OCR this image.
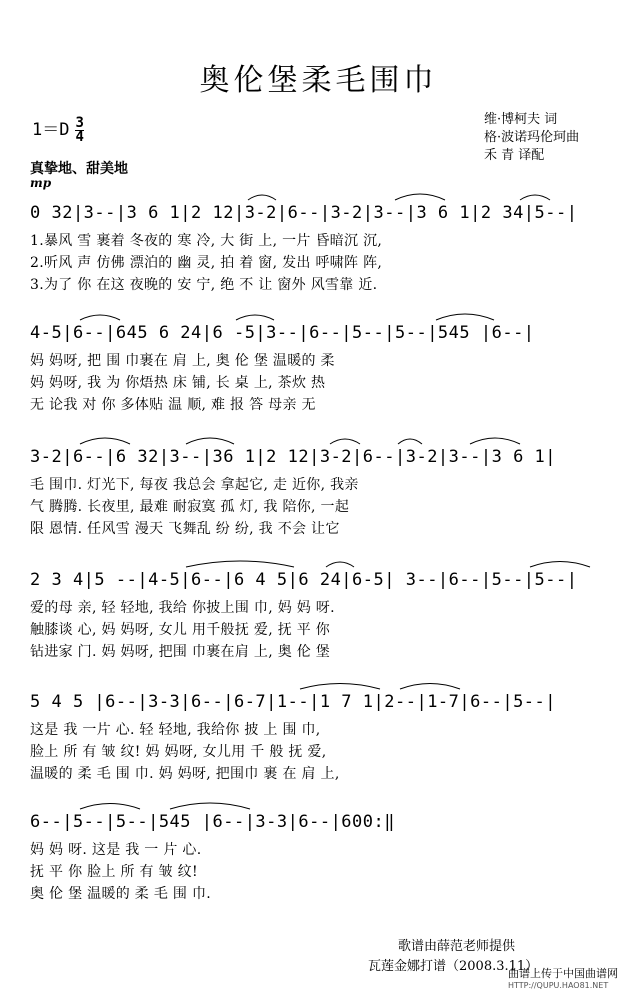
奥伦堡柔毛围巾
$1=D \frac{3}{4}$	维·博柯夫 词
格·波诺玛伦珂曲
禾 青 译配
真挚地、甜美地
mp
0 32|3--|3 6 1|2 12|3-2|6--|3-2|3--|3 6 1|2 34|5--|
1.暴风 雪 裹着 冬夜的 寒 冷, 大 街 上, 一片 昏暗沉 沉,
2.听风 声 仿佛 漂泊的 幽 灵, 拍 着 窗, 发出 呼啸阵 阵,
3.为了 你 在这 夜晚的 安 宁, 绝 不 让 窗外 风雪靠 近.
4-5|6--|645 6 24|6 -5|3--|6--|5--|5--|545 |6--|
妈 妈呀, 把 围 巾裹在 肩 上, 奥 伦 堡 温暖的 柔
妈 妈呀, 我 为 你焐热 床 铺, 长 桌 上, 茶炊 热
无 论我 对 你 多体贴 温 顺, 难 报 答 母亲 无
3-2|6--|6 32|3--|36 1|2 12|3-2|6--|3-2|3--|3 6 1|
毛 围巾. 灯光下, 每夜 我总会 拿起它, 走 近你, 我亲
气 腾腾. 长夜里, 最难 耐寂寞 孤 灯, 我 陪你, 一起
限 恩情. 任风雪 漫天 飞舞乱 纷 纷, 我 不会 让它
2 3 4|5 --|4-5|6--|6 4 5|6 24|6-5| 3--|6--|5--|5--|
爱的母 亲, 轻 轻地, 我给 你披上围 巾, 妈 妈 呀.
触膝谈 心, 妈 妈呀, 女儿 用千般抚 爱, 抚 平 你
钻进家 门. 妈 妈呀, 把围 巾裹在肩 上, 奥 伦 堡
5 4 5 |6--|3-3|6--|6-7|1--|1 7 1|2--|1-7|6--|5--|
这是 我 一片 心. 轻 轻地, 我给你 披 上 围 巾,
脸上 所 有 皱 纹! 妈 妈呀, 女儿用 千 般 抚 爱,
温暖的 柔 毛 围 巾. 妈 妈呀, 把围巾 裹 在 肩 上,
6--|5--|5--|545 |6--|3-3|6--|600:‖
妈 妈 呀. 这是 我 一 片 心.
抚 平 你 脸上 所 有 皱 纹!
奥 伦 堡 温暖的 柔 毛 围 巾.
歌谱由薛范老师提供
瓦莲金娜打谱（2008.3.11）
曲谱上传于中国曲谱网
HTTP://QUPU.HAO81.NET
